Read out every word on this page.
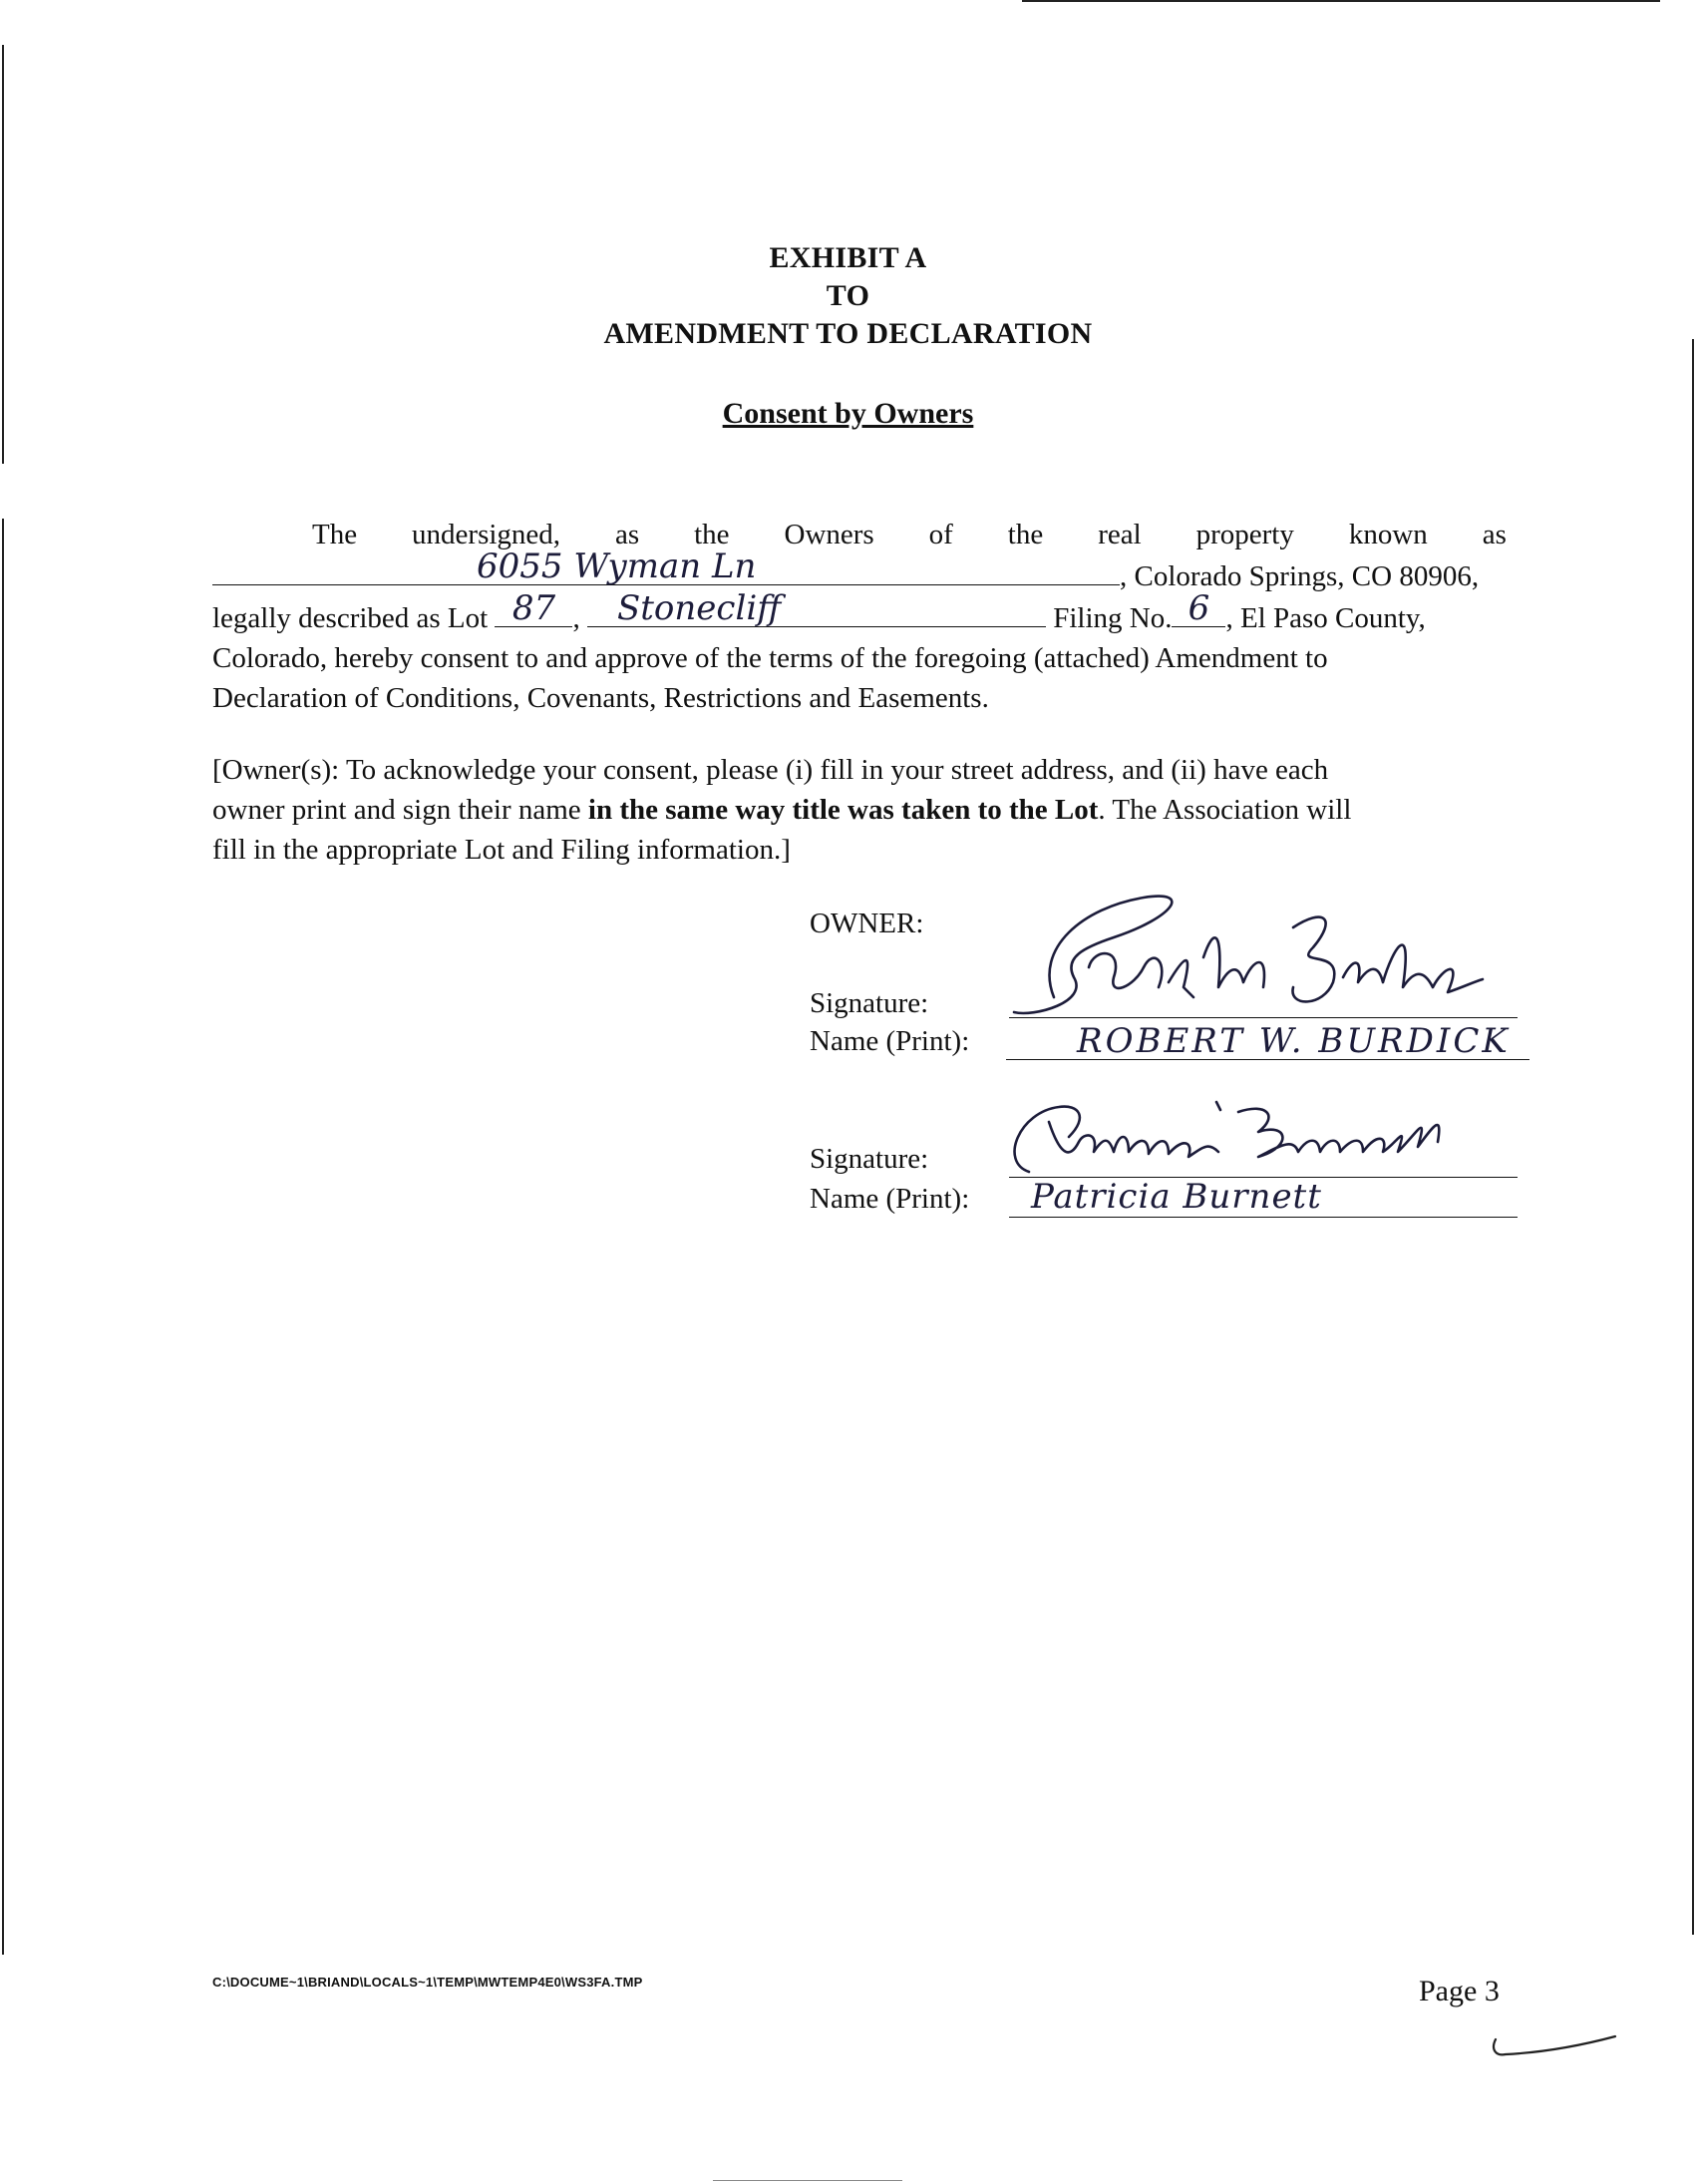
EXHIBIT A
TO
AMENDMENT TO DECLARATION
Consent by Owners
The undersigned, as the Owners of the real property known as
6055 Wyman Ln	, Colorado Springs, CO 80906,
legally described as Lot 87 , Stonecliff	Filing No. 6 , El Paso County,
Colorado, hereby consent to and approve of the terms of the foregoing (attached) Amendment to
Declaration of Conditions, Covenants, Restrictions and Easements.
[Owner(s): To acknowledge your consent, please (i) fill in your street address, and (ii) have each
owner print and sign their name in the same way title was taken to the Lot. The Association will
fill in the appropriate Lot and Filing information.]
OWNER:
Signature:
Name (Print):	ROBERT W. BURDICK
Signature:
Name (Print): Patricia Burnett
C:\DOCUME~1\BRIAND\LOCALS~1\TEMP\MWTEMP4E0\WS3FA.TMP	Page 3
